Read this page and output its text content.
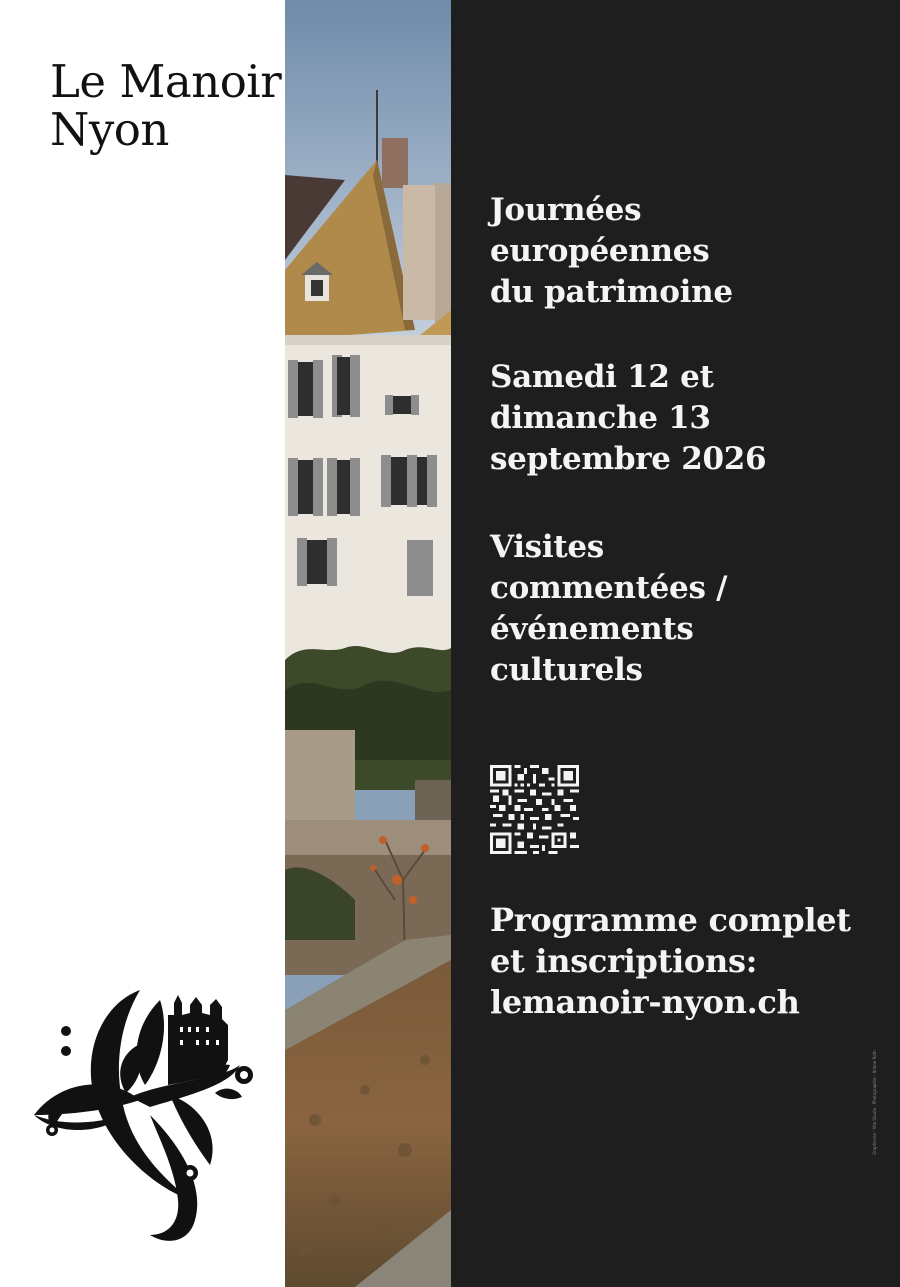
Le Manoir
Nyon
Journées
européennes
du patrimoine
Samedi 12 et
dimanche 13
septembre 2026
Visites
commentées /
événements
culturels
Programme complet
et inscriptions:
lemanoir-nyon.ch
Graphisme : Vila Studio · Photographie : Ariane Roth
